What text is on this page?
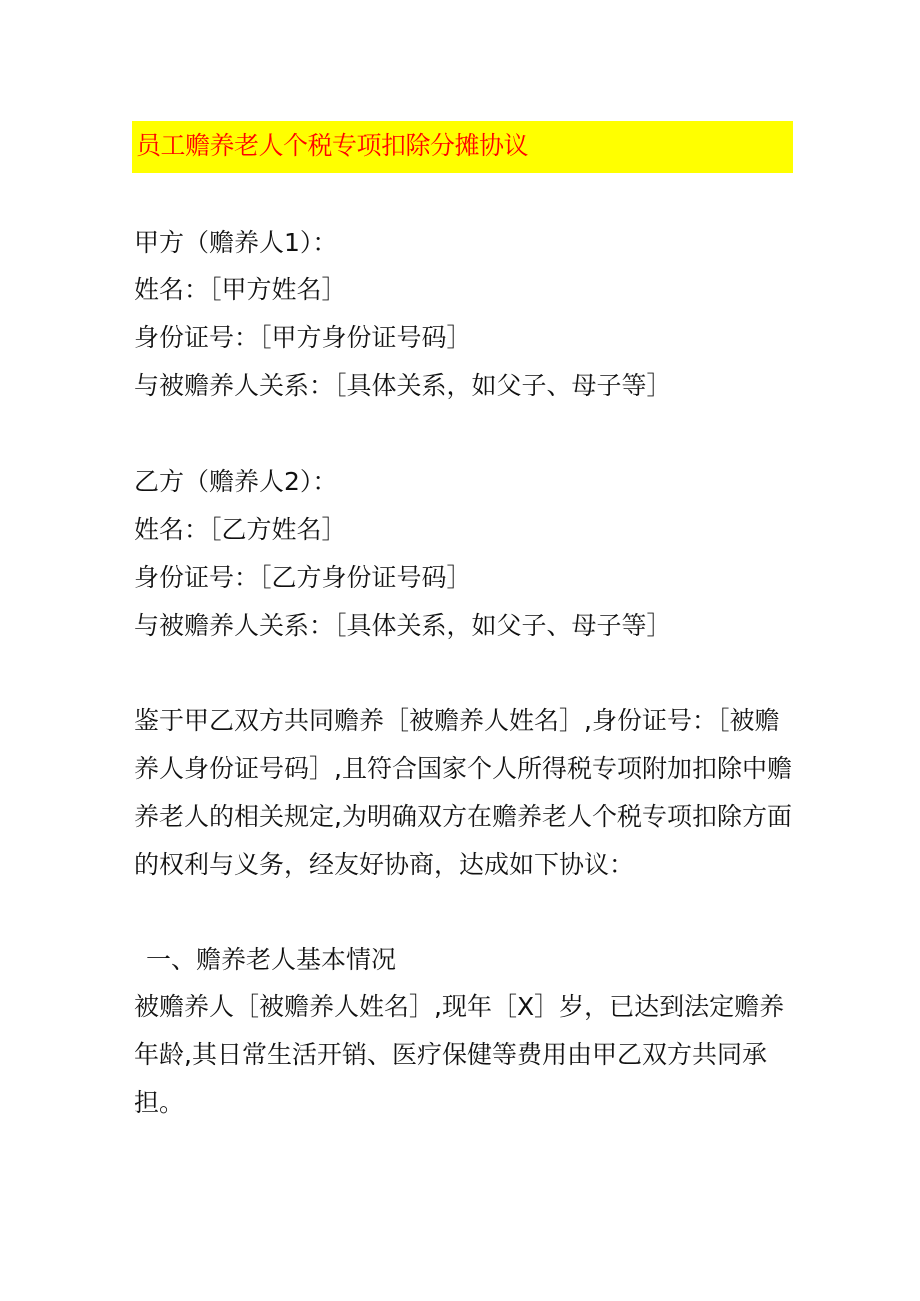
员工赡养老人个税专项扣除分摊协议
甲方（赡养人1）：
姓名：［甲方姓名］
身份证号：［甲方身份证号码］
与被赡养人关系：［具体关系，如父子、母子等］
乙方（赡养人2）：
姓名：［乙方姓名］
身份证号：［乙方身份证号码］
与被赡养人关系：［具体关系，如父子、母子等］
鉴于甲乙双方共同赡养［被赡养人姓名］,身份证号：［被赡
养人身份证号码］,且符合国家个人所得税专项附加扣除中赡
养老人的相关规定,为明确双方在赡养老人个税专项扣除方面
的权利与义务，经友好协商，达成如下协议：
一、赡养老人基本情况
被赡养人［被赡养人姓名］,现年［X］岁，已达到法定赡养
年龄,其日常生活开销、医疗保健等费用由甲乙双方共同承
担。
